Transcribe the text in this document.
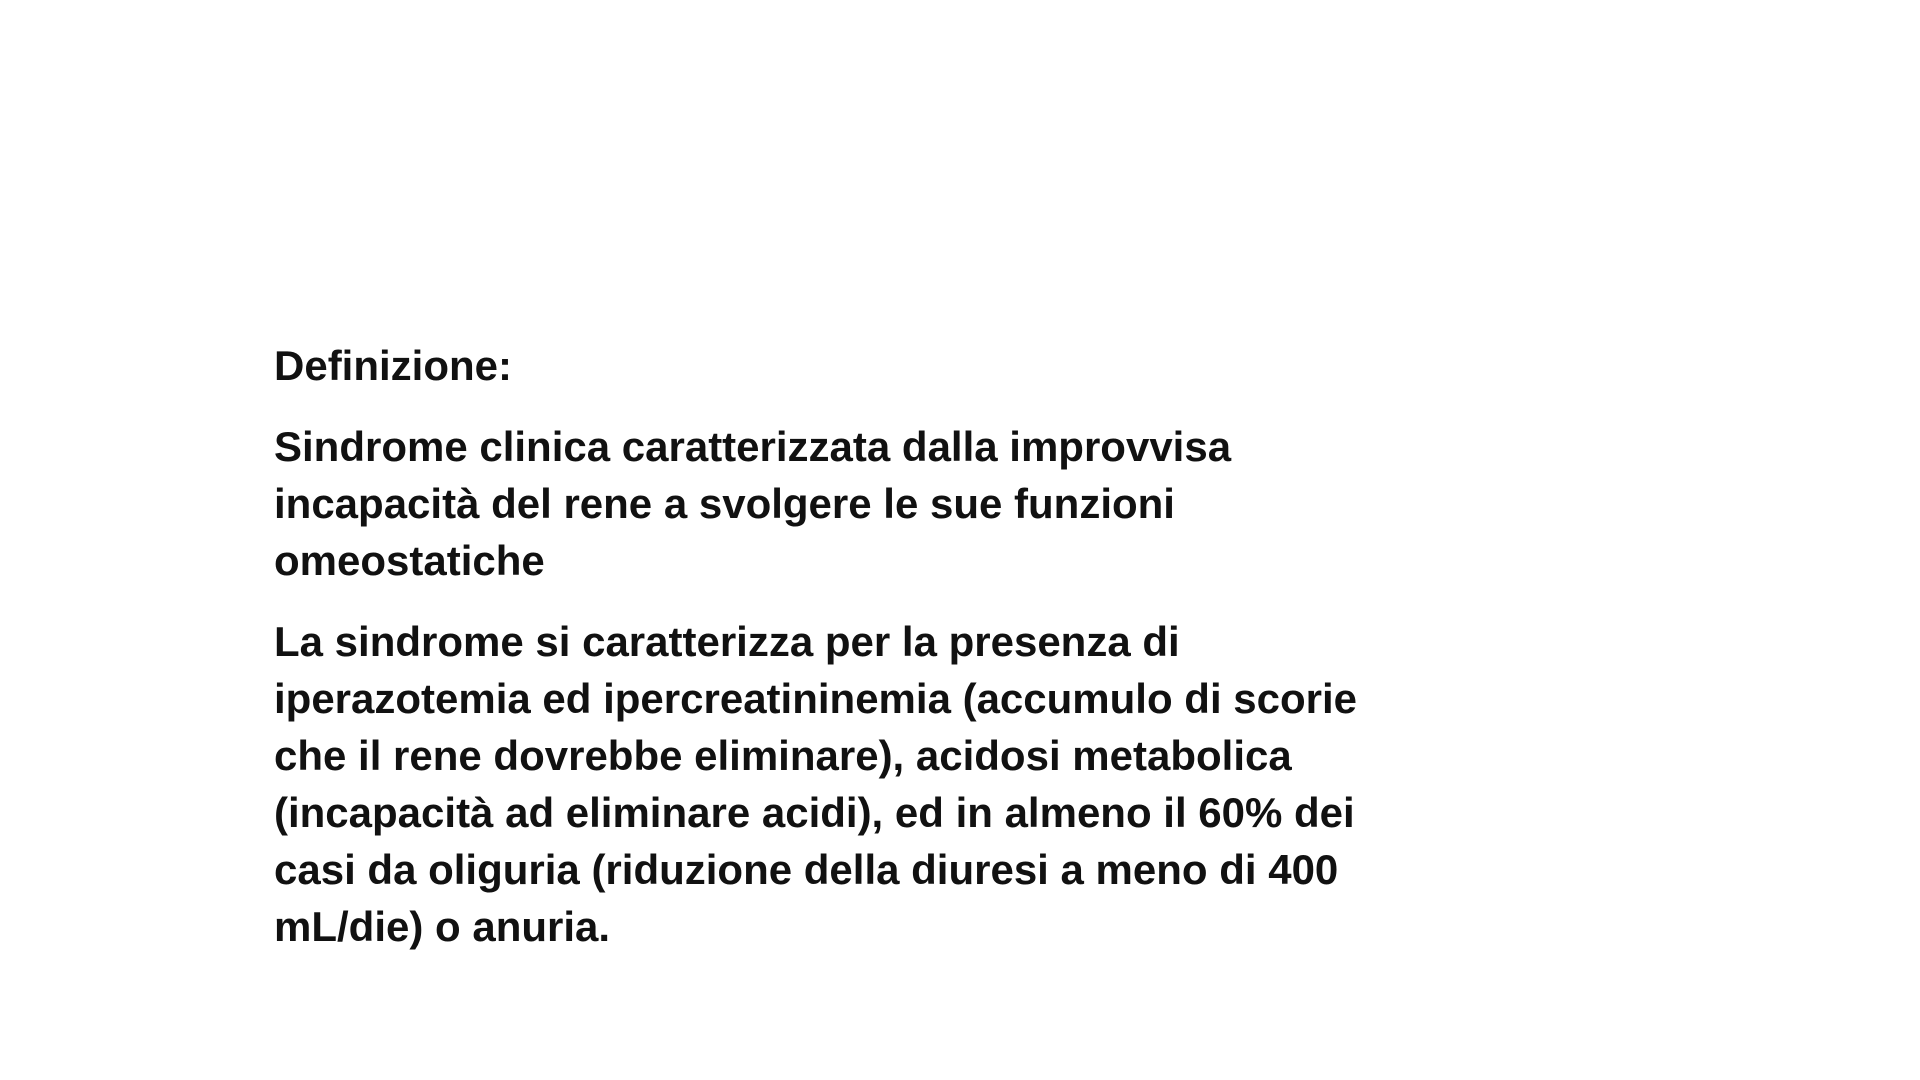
Definizione:

Sindrome clinica caratterizzata dalla improvvisa
incapacità del rene a svolgere le sue funzioni
omeostatiche

La sindrome si caratterizza per la presenza di
iperazotemia ed ipercreatininemia (accumulo di scorie
che il rene dovrebbe eliminare), acidosi metabolica
(incapacità ad eliminare acidi), ed in almeno il 60% dei
casi da oliguria (riduzione della diuresi a meno di 400
mL/die) o anuria.
